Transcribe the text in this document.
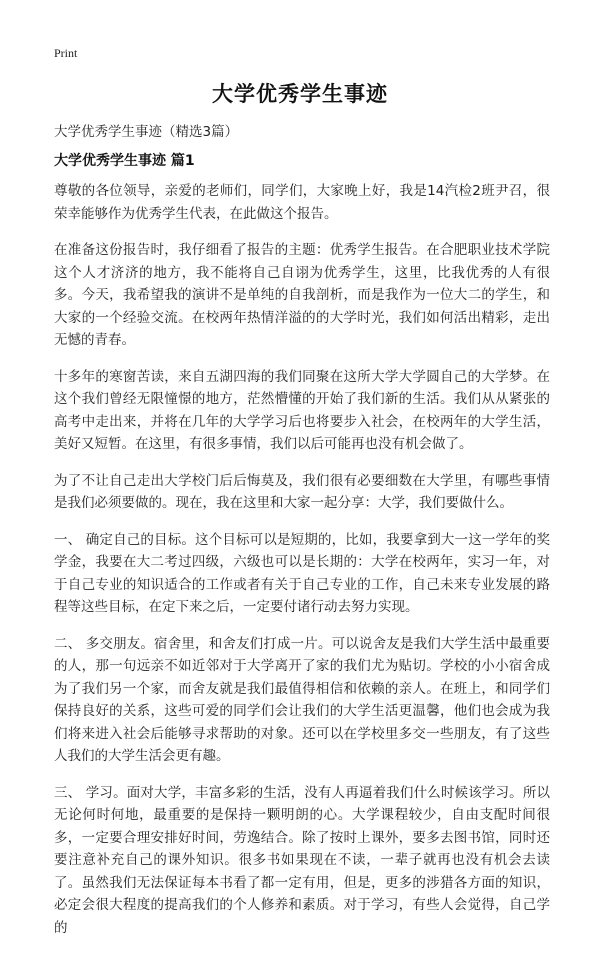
Print
大学优秀学生事迹
大学优秀学生事迹（精选3篇）
大学优秀学生事迹 篇1

尊敬的各位领导，亲爱的老师们，同学们，大家晚上好，我是14汽检2班尹召，很荣幸能够作为优秀学生代表，在此做这个报告。

在准备这份报告时，我仔细看了报告的主题：优秀学生报告。在合肥职业技术学院这个人才济济的地方，我不能将自己自诩为优秀学生，这里，比我优秀的人有很多。今天，我希望我的演讲不是单纯的自我剖析，而是我作为一位大二的学生，和大家的一个经验交流。在校两年热情洋溢的的大学时光，我们如何活出精彩，走出无憾的青春。

十多年的寒窗苦读，来自五湖四海的我们同聚在这所大学大学圆自己的大学梦。在这个我们曾经无限憧憬的地方，茫然懵懂的开始了我们新的生活。我们从从紧张的高考中走出来，并将在几年的大学学习后也将要步入社会，在校两年的大学生活，美好又短暂。在这里，有很多事情，我们以后可能再也没有机会做了。

为了不让自己走出大学校门后后悔莫及，我们很有必要细数在大学里，有哪些事情是我们必须要做的。现在，我在这里和大家一起分享：大学，我们要做什么。

一、 确定自己的目标。这个目标可以是短期的，比如，我要拿到大一这一学年的奖学金，我要在大二考过四级，六级也可以是长期的：大学在校两年，实习一年，对于自己专业的知识适合的工作或者有关于自己专业的工作，自己未来专业发展的路程等这些目标，在定下来之后，一定要付诸行动去努力实现。

二、 多交朋友。宿舍里，和舍友们打成一片。可以说舍友是我们大学生活中最重要的人，那一句远亲不如近邻对于大学离开了家的我们尤为贴切。学校的小小宿舍成为了我们另一个家，而舍友就是我们最值得相信和依赖的亲人。在班上，和同学们保持良好的关系，这些可爱的同学们会让我们的大学生活更温馨，他们也会成为我们将来进入社会后能够寻求帮助的对象。还可以在学校里多交一些朋友，有了这些人我们的大学生活会更有趣。

三、 学习。面对大学，丰富多彩的生活，没有人再逼着我们什么时候该学习。所以无论何时何地，最重要的是保持一颗明朗的心。大学课程较少，自由支配时间很多，一定要合理安排好时间，劳逸结合。除了按时上课外，要多去图书馆，同时还要注意补充自己的课外知识。很多书如果现在不读，一辈子就再也没有机会去读了。虽然我们无法保证每本书看了都一定有用，但是，更多的涉猎各方面的知识，必定会很大程度的提高我们的个人修养和素质。对于学习，有些人会觉得，自己学的
